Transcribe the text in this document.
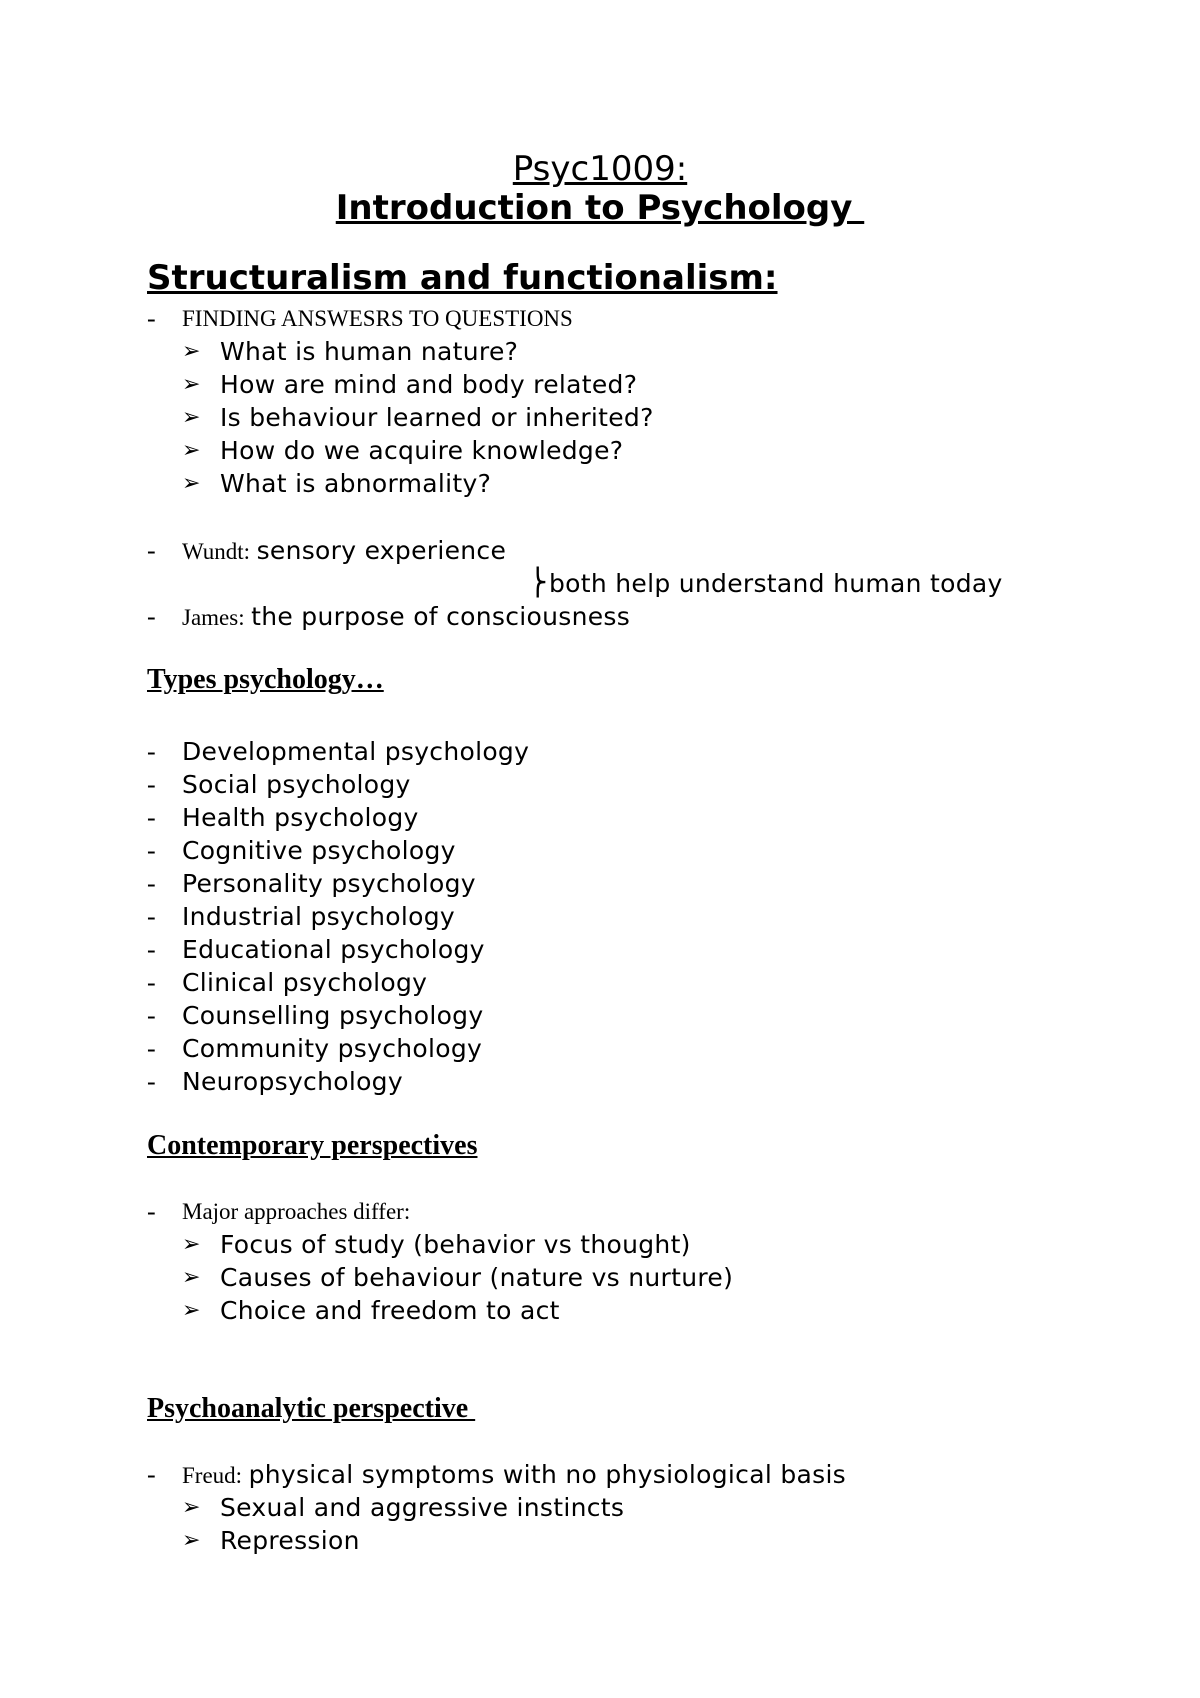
Psyc1009:
Introduction to Psychology
Structuralism and functionalism:
- FINDING ANSWESRS TO QUESTIONS
➢ What is human nature?
➢ How are mind and body related?
➢ Is behaviour learned or inherited?
➢ How do we acquire knowledge?
➢ What is abnormality?
- Wundt: sensory experience
⎬ both help understand human today
- James: the purpose of consciousness
Types psychology…
- Developmental psychology
- Social psychology
- Health psychology
- Cognitive psychology
- Personality psychology
- Industrial psychology
- Educational psychology
- Clinical psychology
- Counselling psychology
- Community psychology
- Neuropsychology
Contemporary perspectives
- Major approaches differ:
➢ Focus of study (behavior vs thought)
➢ Causes of behaviour (nature vs nurture)
➢ Choice and freedom to act
Psychoanalytic perspective
- Freud: physical symptoms with no physiological basis
➢ Sexual and aggressive instincts
➢ Repression
